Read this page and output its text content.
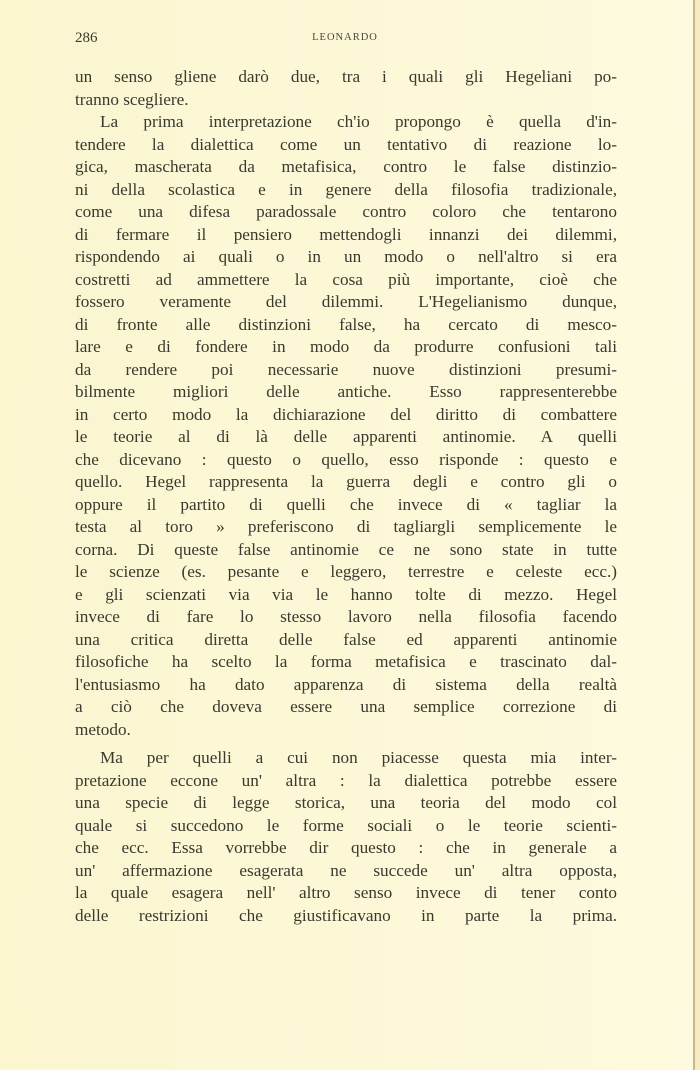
286	LEONARDO
un senso gliene darò due, tra i quali gli Hegeliani po-
tranno scegliere.
La prima interpretazione ch'io propongo è quella d'in-
tendere la dialettica come un tentativo di reazione lo-
gica, mascherata da metafisica, contro le false distinzio-
ni della scolastica e in genere della filosofia tradizionale,
come una difesa paradossale contro coloro che tentarono
di fermare il pensiero mettendogli innanzi dei dilemmi,
rispondendo ai quali o in un modo o nell'altro si era
costretti ad ammettere la cosa più importante, cioè che
fossero veramente del dilemmi. L'Hegelianismo dunque,
di fronte alle distinzioni false, ha cercato di mesco-
lare e di fondere in modo da produrre confusioni tali
da rendere poi necessarie nuove distinzioni presumi-
bilmente migliori delle antiche. Esso rappresenterebbe
in certo modo la dichiarazione del diritto di combattere
le teorie al di là delle apparenti antinomie. A quelli
che dicevano : questo o quello, esso risponde : questo e
quello. Hegel rappresenta la guerra degli e contro gli o
oppure il partito di quelli che invece di « tagliar la
testa al toro » preferiscono di tagliargli semplicemente le
corna. Di queste false antinomie ce ne sono state in tutte
le scienze (es. pesante e leggero, terrestre e celeste ecc.)
e gli scienzati via via le hanno tolte di mezzo. Hegel
invece di fare lo stesso lavoro nella filosofia facendo
una critica diretta delle false ed apparenti antinomie
filosofiche ha scelto la forma metafisica e trascinato dal-
l'entusiasmo ha dato apparenza di sistema della realtà
a ciò che doveva essere una semplice correzione di
metodo.
Ma per quelli a cui non piacesse questa mia inter-
pretazione eccone un' altra : la dialettica potrebbe essere
una specie di legge storica, una teoria del modo col
quale si succedono le forme sociali o le teorie scienti-
che ecc. Essa vorrebbe dir questo : che in generale a
un' affermazione esagerata ne succede un' altra opposta,
la quale esagera nell' altro senso invece di tener conto
delle restrizioni che giustificavano in parte la prima.
